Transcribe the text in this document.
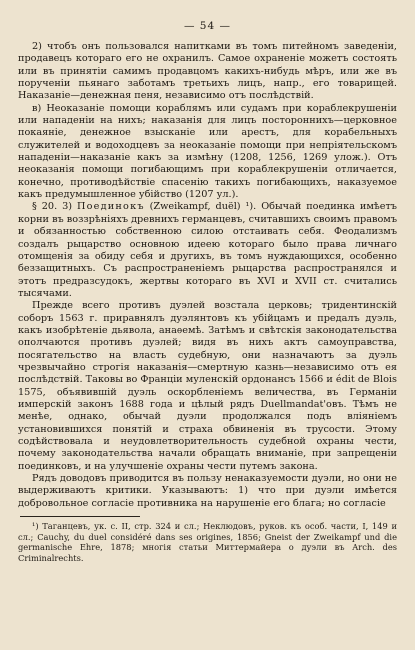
— 54 —

2) чтобъ онъ пользовался напитками въ томъ питейномъ заведеніи, продавецъ котораго его не охранилъ. Самое охраненіе можетъ состоять или въ принятіи самимъ продавцомъ какихъ-нибудь мѣръ, или же въ порученіи пьянаго заботамъ третьихъ лицъ, напр., его товарищей. Наказаніе—денежная пеня, независимо отъ послѣдствій.

в) Неоказаніе помощи кораблямъ или судамъ при кораблекрушеніи или нападеніи на нихъ; наказанія для лицъ постороннихъ—церковное покаяніе, денежное взысканіе или арестъ, для корабельныхъ служителей и водоходцевъ за неоказаніе помощи при непріятельскомъ нападеніи—наказаніе какъ за измѣну (1208, 1256, 1269 улож.). Отъ неоказанія помощи погибающимъ при кораблекрушеніи отличается, конечно, противодѣйствіе спасенію такихъ погибающихъ, наказуемое какъ предумышленное убійство (1207 ул.).

§ 20. 3) Поединокъ (Zweikampf, duël) ¹). Обычай поединка имѣетъ корни въ воззрѣніяхъ древнихъ германцевъ, считавшихъ своимъ правомъ и обязанностью собственною силою отстаивать себя. Феодализмъ создалъ рыцарство основною идеею котораго было права личнаго отомщенія за обиду себя и другихъ, въ томъ нуждающихся, особенно беззащитныхъ. Съ распространеніемъ рыцарства распространялся и этотъ предразсудокъ, жертвы котораго въ XVI и XVII ст. считались тысячами.

Прежде всего противъ дуэлей возстала церковь; тридентинскій соборъ 1563 г. приравнялъ дуэлянтовъ къ убійцамъ и предалъ дуэль, какъ изобрѣтеніе дьявола, анаѳемѣ. Затѣмъ и свѣтскія законодательства ополчаются противъ дуэлей; видя въ нихъ актъ самоуправства, посягательство на власть судебную, они назначаютъ за дуэль чрезвычайно строгія наказанія—смертную казнь—независимо отъ ея послѣдствій. Таковы во Франціи муленскій ордонансъ 1566 и édit de Blois 1575, объявившій дуэль оскорбленіемъ величества, въ Германіи имперскій законъ 1688 года и цѣлый рядъ Duellmandat'овъ. Тѣмъ не менѣе, однако, обычай дуэли продолжался подъ вліяніемъ установившихся понятій и страха обвиненія въ трусости. Этому содѣйствовала и неудовлетворительность судебной охраны чести, почему законодательства начали обращать вниманіе, при запрещеніи поединковъ, и на улучшеніе охраны чести путемъ закона.

Рядъ доводовъ приводится въ пользу ненаказуемости дуэли, но они не выдерживаютъ критики. Указываютъ: 1) что при дуэли имѣется добровольное согласіе противника на нарушеніе его блага; но согласіе

¹) Таганцевъ, ук. с. II, стр. 324 и сл.; Неклюдовъ, руков. къ особ. части, I, 149 и сл.; Cauchy, du duel considéré dans ses origines, 1856; Gneist der Zweikampf und die germanische Ehre, 1878; многія статьи Миттермайера о дуэли въ Arch. des Criminalrechts.
